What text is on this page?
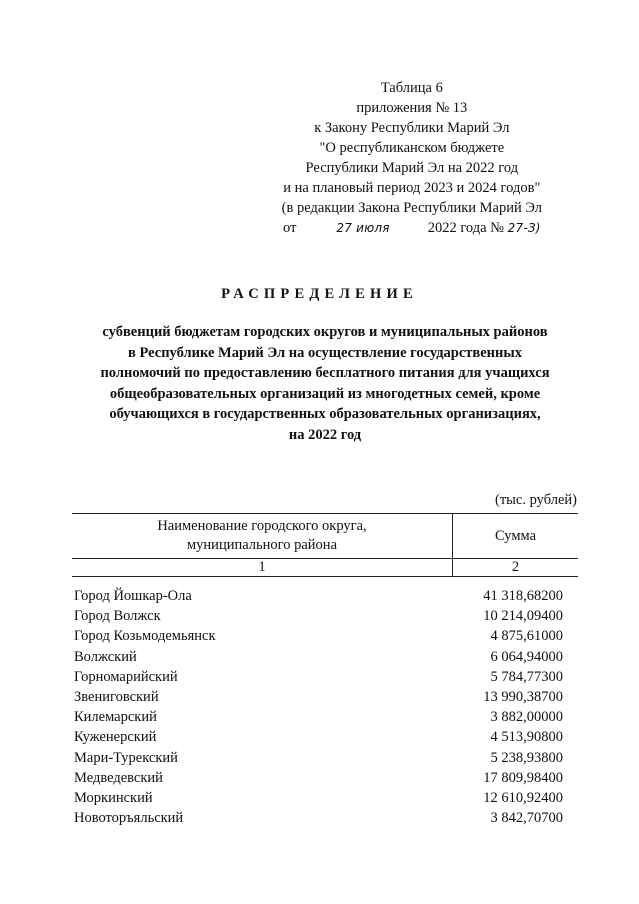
Таблица 6
приложения № 13
к Закону Республики Марий Эл
"О республиканском бюджете
Республики Марий Эл на 2022 год
и на плановый период 2023 и 2024 годов"
(в редакции Закона Республики Марий Эл
от	27 июля	2022 года № 27-З)
РАСПРЕДЕЛЕНИЕ
субвенций бюджетам городских округов и муниципальных районов
в Республике Марий Эл на осуществление государственных
полномочий по предоставлению бесплатного питания для учащихся
общеобразовательных организаций из многодетных семей, кроме
обучающихся в государственных образовательных организациях,
на 2022 год
(тыс. рублей)
Наименование городского округа,
муниципального района	Сумма
1	2

Город Йошкар-Ола	41 318,68200
Город Волжск	10 214,09400
Город Козьмодемьянск	4 875,61000
Волжский	6 064,94000
Горномарийский	5 784,77300
Звениговский	13 990,38700
Килемарский	3 882,00000
Куженерский	4 513,90800
Мари-Турекский	5 238,93800
Медведевский	17 809,98400
Моркинский	12 610,92400
Новоторъяльский	3 842,70700
